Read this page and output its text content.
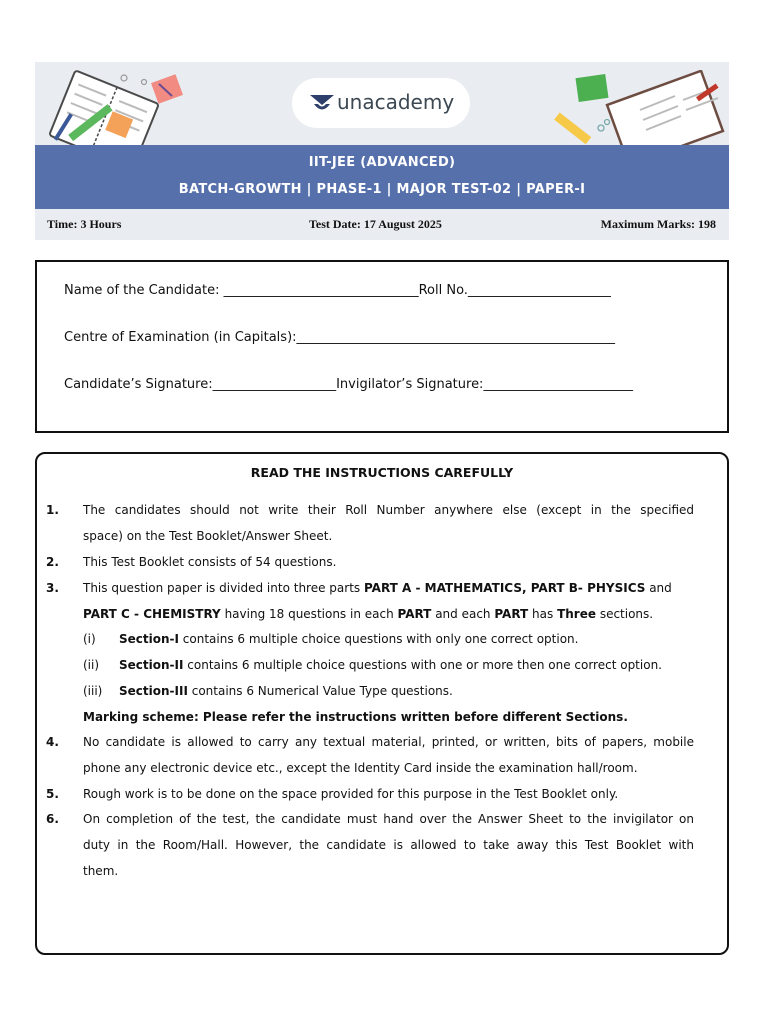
unacademy
IIT-JEE (ADVANCED)
BATCH-GROWTH | PHASE-1 | MAJOR TEST-02 | PAPER-I
Time: 3 Hours	Test Date: 17 August 2025	Maximum Marks: 198
Name of the Candidate: ______________________________Roll No.______________________
Centre of Examination (in Capitals):_________________________________________________
Candidate’s Signature:___________________Invigilator’s Signature:_______________________
READ THE INSTRUCTIONS CAREFULLY
1. The candidates should not write their Roll Number anywhere else (except in the specified
space) on the Test Booklet/Answer Sheet.
2. This Test Booklet consists of 54 questions.
3. This question paper is divided into three parts PART A - MATHEMATICS, PART B- PHYSICS and
PART C - CHEMISTRY having 18 questions in each PART and each PART has Three sections.
(i) Section-I contains 6 multiple choice questions with only one correct option.
(ii) Section-II contains 6 multiple choice questions with one or more then one correct option.
(iii) Section-III contains 6 Numerical Value Type questions.
Marking scheme: Please refer the instructions written before different Sections.
4. No candidate is allowed to carry any textual material, printed, or written, bits of papers, mobile
phone any electronic device etc., except the Identity Card inside the examination hall/room.
5. Rough work is to be done on the space provided for this purpose in the Test Booklet only.
6. On completion of the test, the candidate must hand over the Answer Sheet to the invigilator on
duty in the Room/Hall. However, the candidate is allowed to take away this Test Booklet with
them.
